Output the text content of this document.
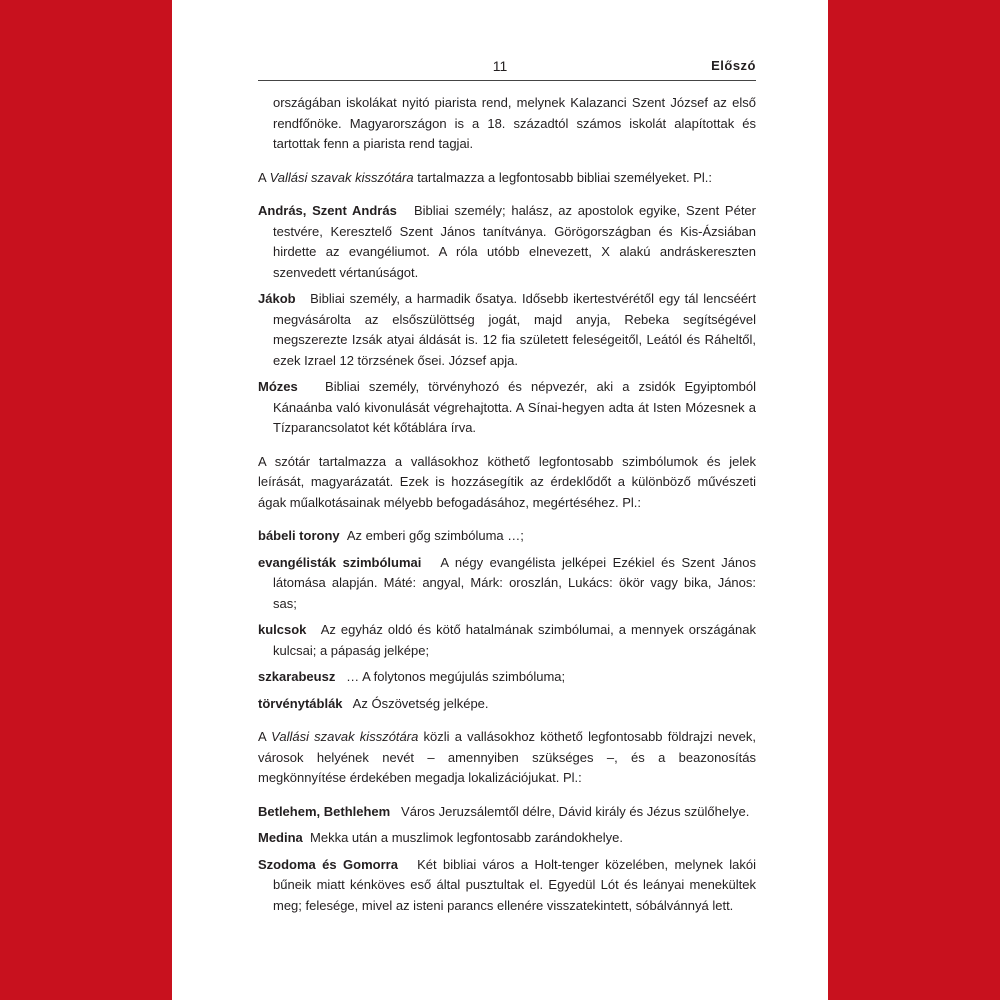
11	Előszó

országában iskolákat nyitó piarista rend, melynek Kalazanci Szent József az első rendfőnöke. Magyarországon is a 18. századtól számos iskolát alapítottak és tartottak fenn a piarista rend tagjai.

A Vallási szavak kisszótára tartalmazza a legfontosabb bibliai személyeket. Pl.:

András, Szent András Bibliai személy; halász, az apostolok egyike, Szent Péter testvére, Keresztelő Szent János tanítványa. Görögországban és Kis-Ázsiában hirdette az evangéliumot. A róla utóbb elnevezett, X alakú andráskereszten szenvedett vértanúságot.

Jákob Bibliai személy, a harmadik ősatya. Idősebb ikertestvérétől egy tál lencséért megvásárolta az elsőszülöttség jogát, majd anyja, Rebeka segítségével megszerezte Izsák atyai áldását is. 12 fia született feleségeitől, Leától és Ráheltől, ezek Izrael 12 törzsének ősei. József apja.

Mózes Bibliai személy, törvényhozó és népvezér, aki a zsidók Egyiptomból Kánaánba való kivonulását végrehajtotta. A Sínai-hegyen adta át Isten Mózesnek a Tízparancsolatot két kőtáblára írva.

A szótár tartalmazza a vallásokhoz köthető legfontosabb szimbólumok és jelek leírását, magyarázatát. Ezek is hozzásegítik az érdeklődőt a különböző művészeti ágak műalkotásainak mélyebb befogadásához, megértéséhez. Pl.:

bábeli torony Az emberi gőg szimbóluma …;

evangélisták szimbólumai A négy evangélista jelképei Ezékiel és Szent János látomása alapján. Máté: angyal, Márk: oroszlán, Lukács: ökör vagy bika, János: sas;

kulcsok Az egyház oldó és kötő hatalmának szimbólumai, a mennyek országának kulcsai; a pápaság jelképe;

szkarabeusz … A folytonos megújulás szimbóluma;

törvénytáblák Az Ószövetség jelképe.

A Vallási szavak kisszótára közli a vallásokhoz köthető legfontosabb földrajzi nevek, városok helyének nevét – amennyiben szükséges –, és a beazonosítás megkönnyítése érdekében megadja lokalizációjukat. Pl.:

Betlehem, Bethlehem Város Jeruzsálemtől délre, Dávid király és Jézus szülőhelye.

Medina Mekka után a muszlimok legfontosabb zarándokhelye.

Szodoma és Gomorra Két bibliai város a Holt-tenger közelében, melynek lakói bűneik miatt kénköves eső által pusztultak el. Egyedül Lót és leányai menekültek meg; felesége, mivel az isteni parancs ellenére visszatekintett, sóbálvánnyá lett.
